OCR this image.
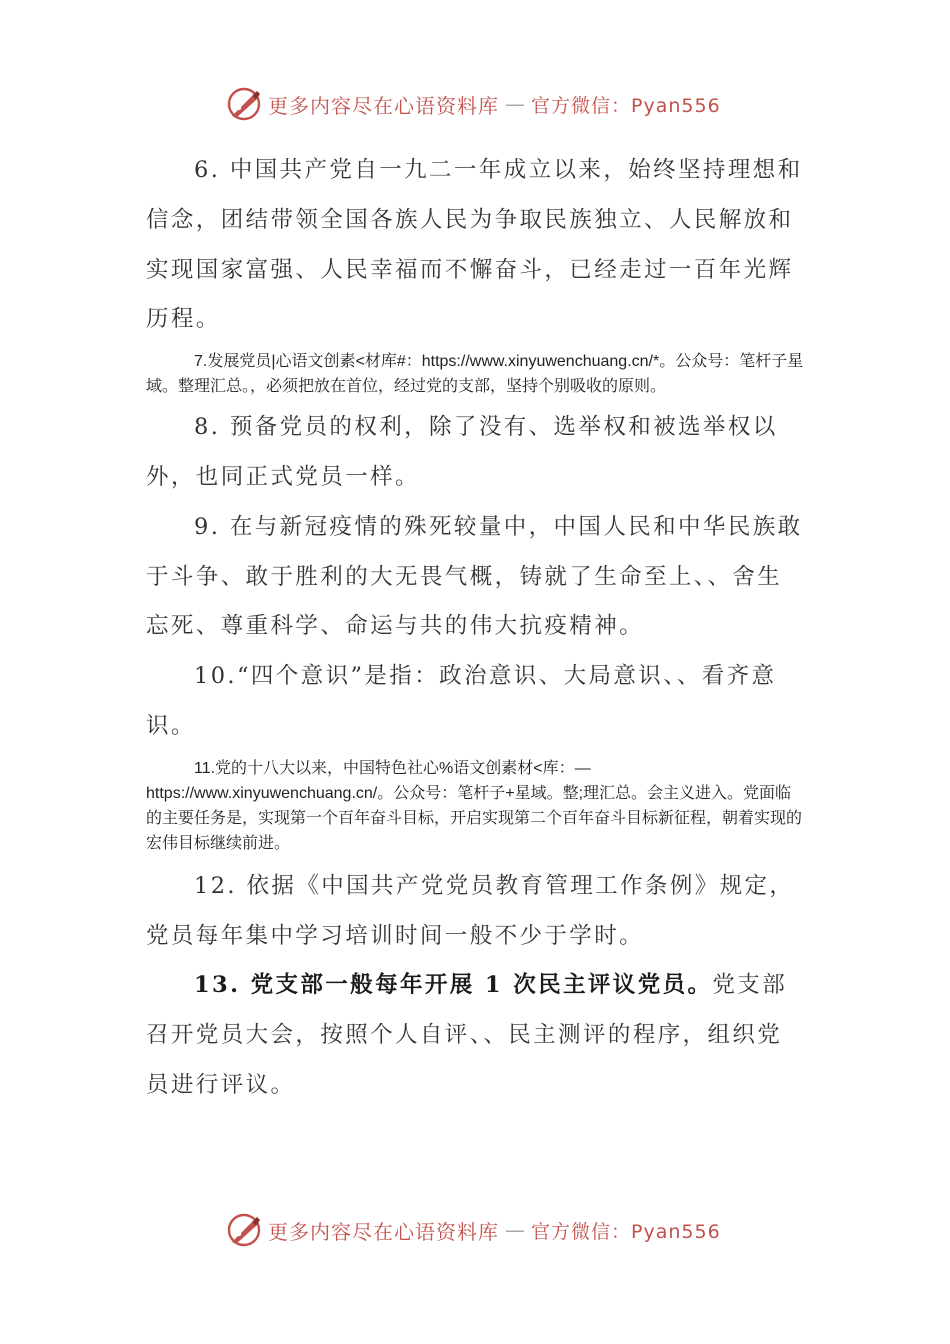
更多内容尽在心语资料库 — 官方微信：Pyan556

6. 中国共产党自一九二一年成立以来，始终坚持理想和信念，团结带领全国各族人民为争取民族独立、人民解放和实现国家富强、人民幸福而不懈奋斗，已经走过一百年光辉历程。

7.发展党员|心语文创素<材库#：https://www.xinyuwenchuang.cn/*。公众号：笔杆子星域。整理汇总。，必须把放在首位，经过党的支部，坚持个别吸收的原则。

8. 预备党员的权利，除了没有、选举权和被选举权以外，也同正式党员一样。

9. 在与新冠疫情的殊死较量中，中国人民和中华民族敢于斗争、敢于胜利的大无畏气概，铸就了生命至上、、舍生忘死、尊重科学、命运与共的伟大抗疫精神。

10.“四个意识”是指：政治意识、大局意识、、看齐意识。

11.党的十八大以来，中国特色社心%语文创素材<库：—https://www.xinyuwenchuang.cn/。公众号：笔杆子+星域。整;理汇总。会主义进入。党面临的主要任务是，实现第一个百年奋斗目标，开启实现第二个百年奋斗目标新征程，朝着实现的宏伟目标继续前进。

12. 依据《中国共产党党员教育管理工作条例》规定，党员每年集中学习培训时间一般不少于学时。

13. 党支部一般每年开展 1 次民主评议党员。党支部召开党员大会，按照个人自评、、民主测评的程序，组织党员进行评议。

更多内容尽在心语资料库 — 官方微信：Pyan556
